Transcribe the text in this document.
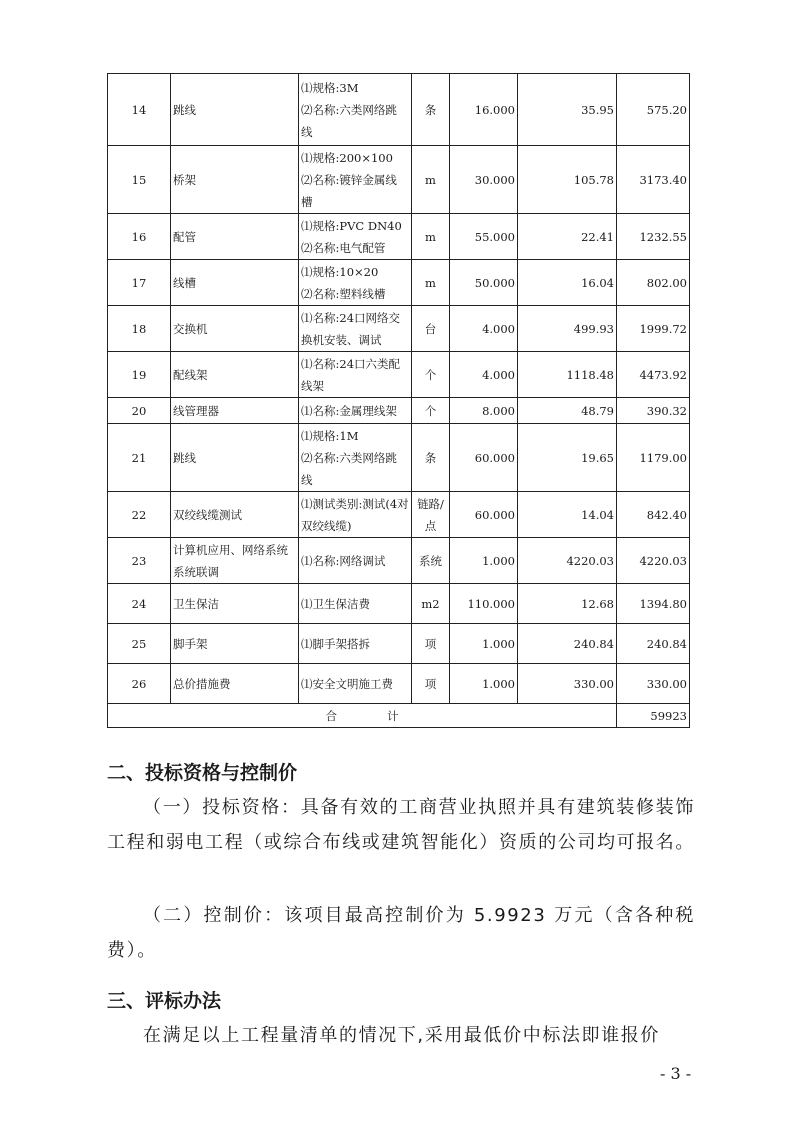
14	跳线	⑴规格:3M
⑵名称:六类网络跳
线	条	16.000	35.95	575.20
15	桥架	⑴规格:200×100
⑵名称:镀锌金属线
槽	m	30.000	105.78	3173.40
16	配管	⑴规格:PVC DN40
⑵名称:电气配管	m	55.000	22.41	1232.55
17	线槽	⑴规格:10×20
⑵名称:塑料线槽	m	50.000	16.04	802.00
18	交换机	⑴名称:24口网络交
换机安装、调试	台	4.000	499.93	1999.72
19	配线架	⑴名称:24口六类配
线架	个	4.000	1118.48	4473.92
20	线管理器	⑴名称:金属理线架	个	8.000	48.79	390.32
21	跳线	⑴规格:1M
⑵名称:六类网络跳
线	条	60.000	19.65	1179.00
22	双绞线缆测试	⑴测试类别:测试(4对
双绞线缆)	链路/点	60.000	14.04	842.40
23	计算机应用、网络系统系统联调	⑴名称:网络调试	系统	1.000	4220.03	4220.03
24	卫生保洁	⑴卫生保洁费	m2	110.000	12.68	1394.80
25	脚手架	⑴脚手架搭拆	项	1.000	240.84	240.84
26	总价措施费	⑴安全文明施工费	项	1.000	330.00	330.00
合 计						59923
二、投标资格与控制价
（一）投标资格：具备有效的工商营业执照并具有建筑装修装饰工程和弱电工程（或综合布线或建筑智能化）资质的公司均可报名。
（二）控制价：该项目最高控制价为 5.9923 万元（含各种税费）。
三、评标办法
在满足以上工程量清单的情况下,采用最低价中标法即谁报价
- 3 -
